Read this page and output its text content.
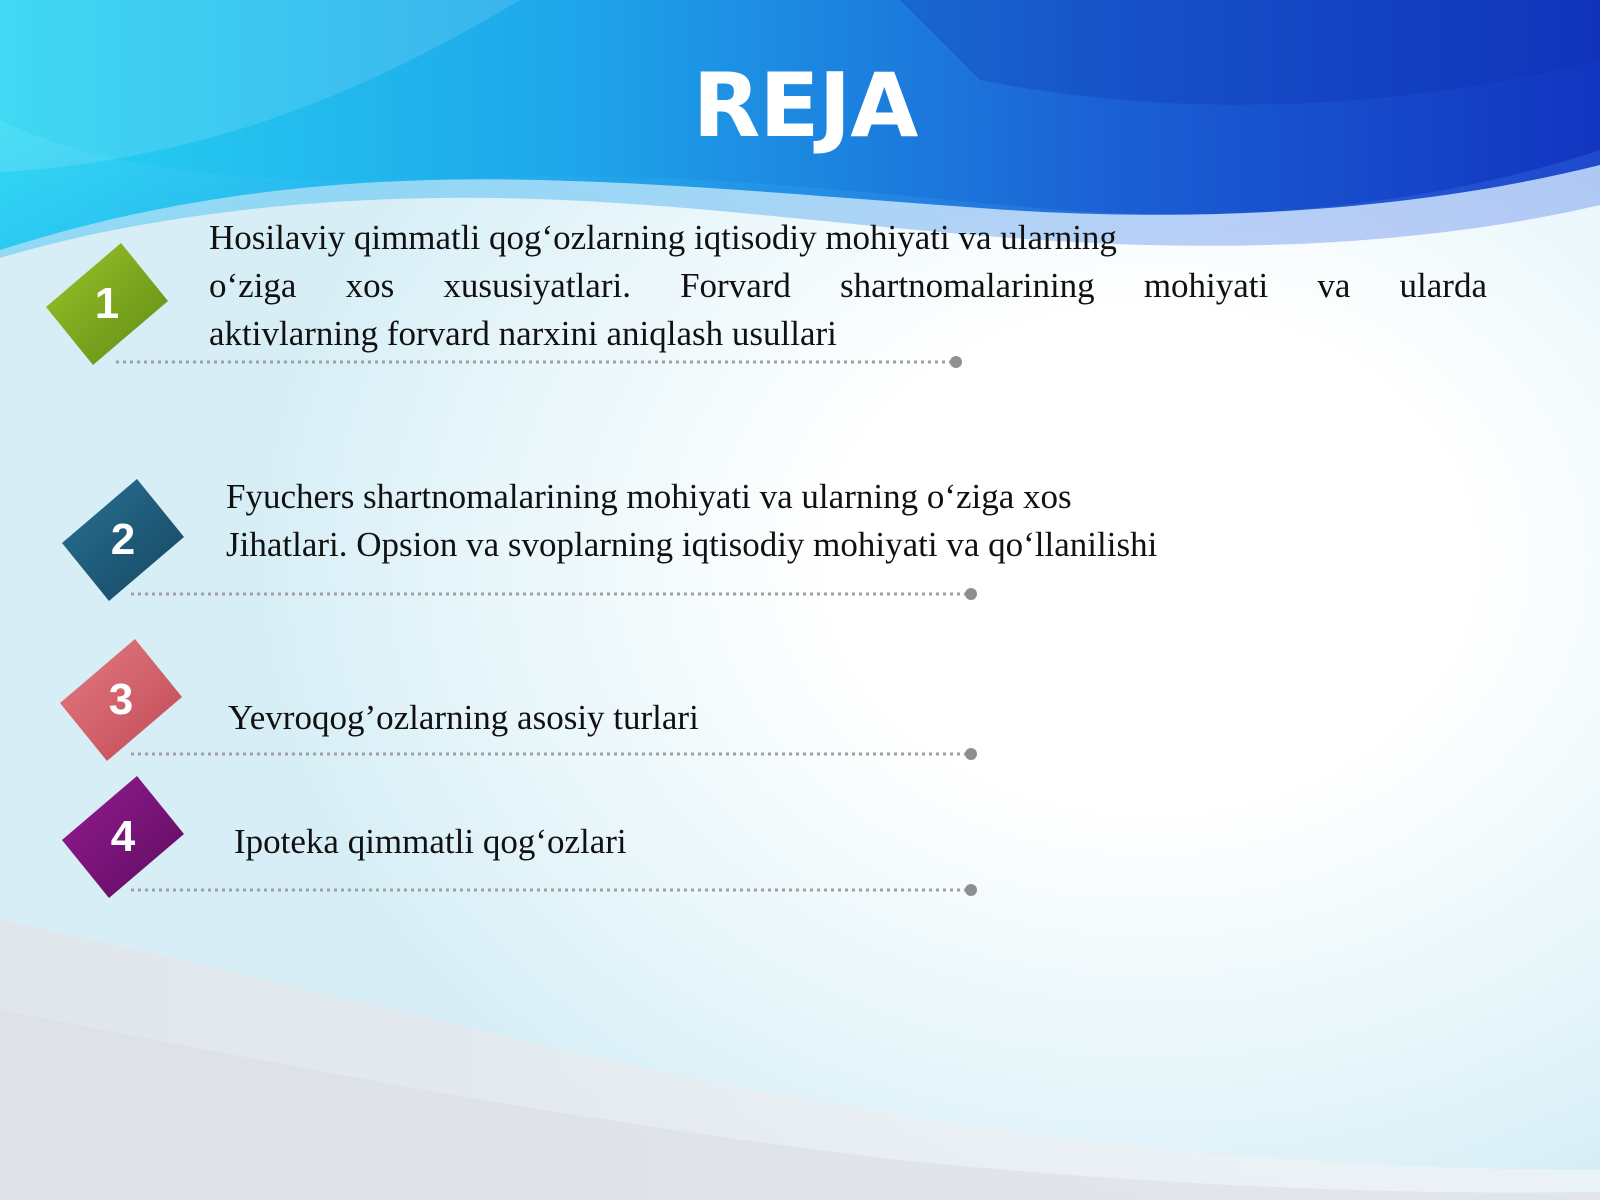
REJA
1
Hosilaviy qimmatli qog‘ozlarning iqtisodiy mohiyati va ularning
o‘ziga xos xususiyatlari. Forvard shartnomalarining mohiyati va ularda
aktivlarning forvard narxini aniqlash usullari
2
Fyuchers shartnomalarining mohiyati va ularning o‘ziga xos
Jihatlari. Opsion va svoplarning iqtisodiy mohiyati va qo‘llanilishi
3	Yevroqog’ozlarning asosiy turlari
4	Ipoteka qimmatli qog‘ozlari
